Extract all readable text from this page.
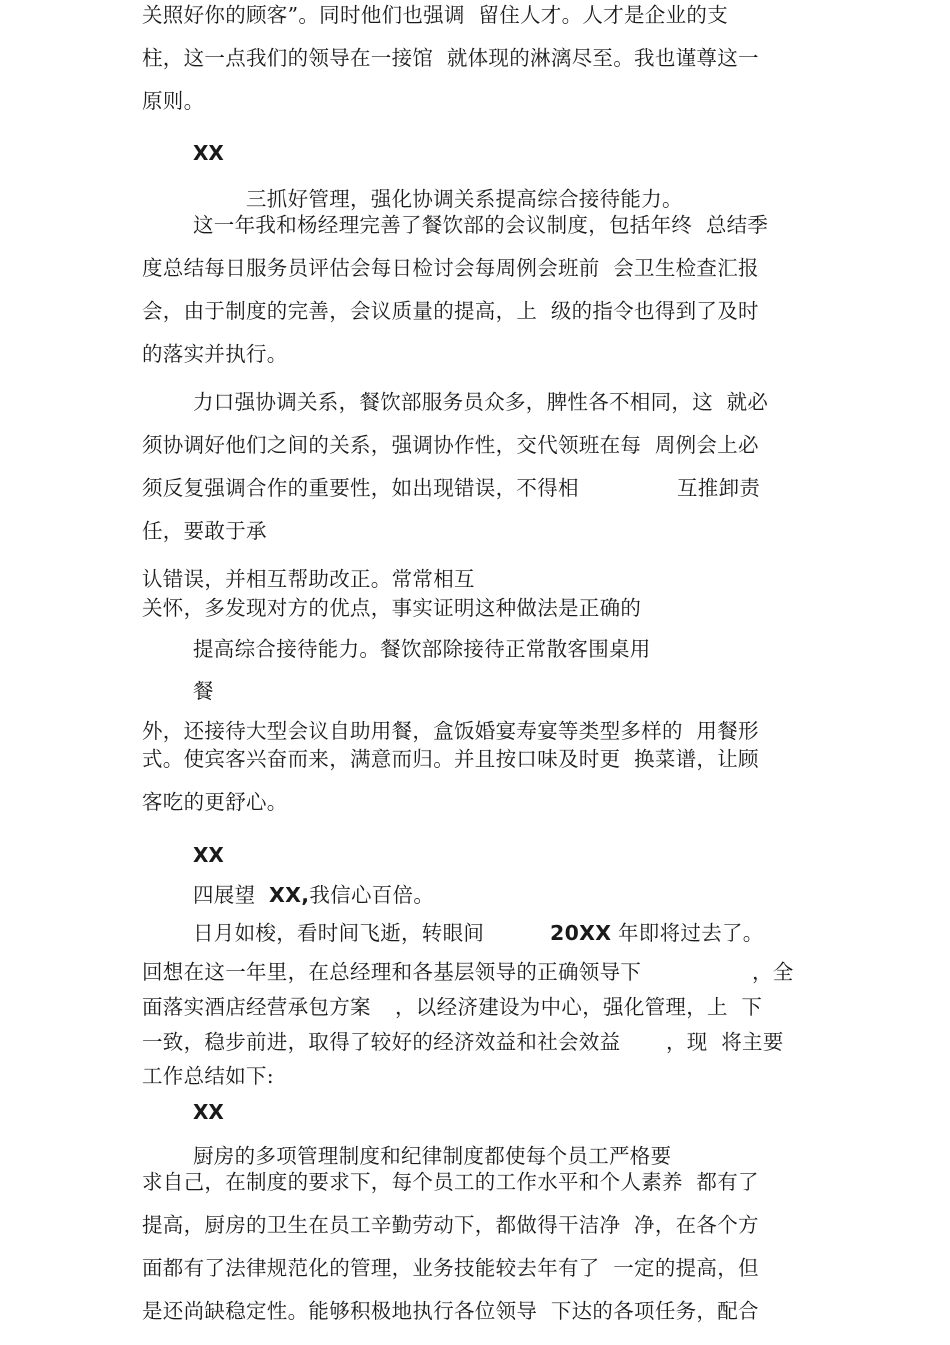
关照好你的顾客”。同时他们也强调  留住人才。人才是企业的支

柱，这一点我们的领导在一接馆  就体现的淋漓尽至。我也谨尊这一

原则。

XX

三抓好管理，强化协调关系提高综合接待能力。

这一年我和杨经理完善了餐饮部的会议制度，包括年终  总结季

度总结每日服务员评估会每日检讨会每周例会班前  会卫生检查汇报

会，由于制度的完善，会议质量的提高，上  级的指令也得到了及时

的落实并执行。

力口强协调关系，餐饮部服务员众多，脾性各不相同，这  就必

须协调好他们之间的关系，强调协作性，交代领班在每  周例会上必

须反复强调合作的重要性，如出现错误，不得相	互推卸责

任，要敢于承

认错误，并相互帮助改正。常常相互

关怀，多发现对方的优点，事实证明这种做法是正确的

提高综合接待能力。餐饮部除接待正常散客围桌用

餐

外，还接待大型会议自助用餐，盒饭婚宴寿宴等类型多样的  用餐形

式。使宾客兴奋而来，满意而归。并且按口味及时更  换菜谱，让顾

客吃的更舒心。

XX

四展望  XX,我信心百倍。

日月如梭，看时间飞逝，转眼间	20XX 年即将过去了。

回想在这一年里，在总经理和各基层领导的正确领导下	，全

面落实酒店经营承包方案 ，以经济建设为中心，强化管理，上  下

一致，稳步前进，取得了较好的经济效益和社会效益 ，现  将主要

工作总结如下:

XX

厨房的多项管理制度和纪律制度都使每个员工严格要

求自己，在制度的要求下，每个员工的工作水平和个人素养  都有了

提高，厨房的卫生在员工辛勤劳动下，都做得干洁净  净，在各个方

面都有了法律规范化的管理，业务技能较去年有了  一定的提高，但

是还尚缺稳定性。能够积极地执行各位领导  下达的各项任务，配合
